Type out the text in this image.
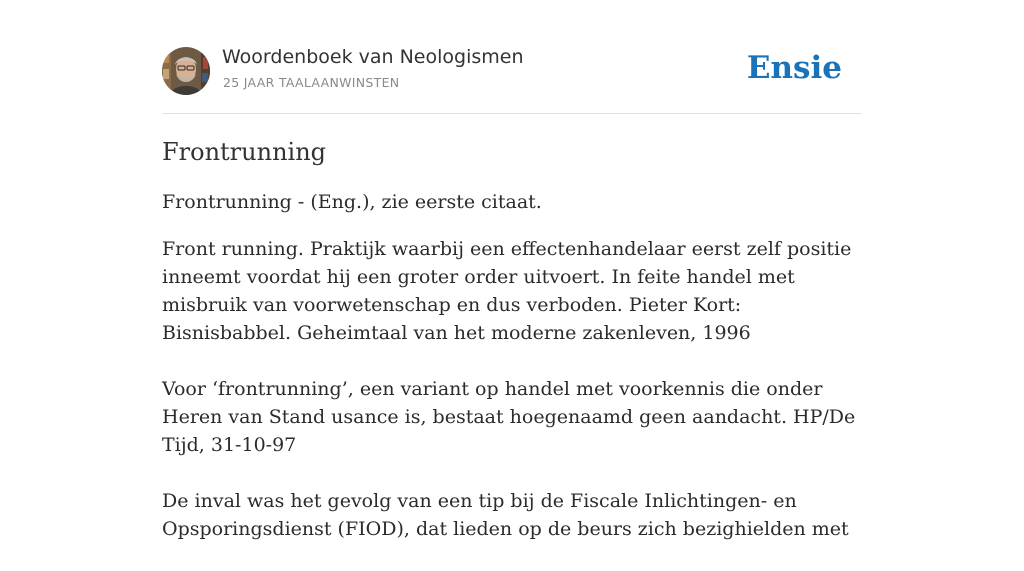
Woordenboek van Neologismen
25 JAAR TAALAANWINSTEN	Ensie
Frontrunning

Frontrunning - (Eng.), zie eerste citaat.

Front running. Praktijk waarbij een effectenhandelaar eerst zelf positie inneemt voordat hij een groter order uitvoert. In feite handel met misbruik van voorwetenschap en dus verboden. Pieter Kort: Bisnisbabbel. Geheimtaal van het moderne zakenleven, 1996

Voor ‘frontrunning’, een variant op handel met voorkennis die onder Heren van Stand usance is, bestaat hoegenaamd geen aandacht. HP/De Tijd, 31-10-97

De inval was het gevolg van een tip bij de Fiscale Inlichtingen- en Opsporingsdienst (FIOD), dat lieden op de beurs zich bezighielden met
